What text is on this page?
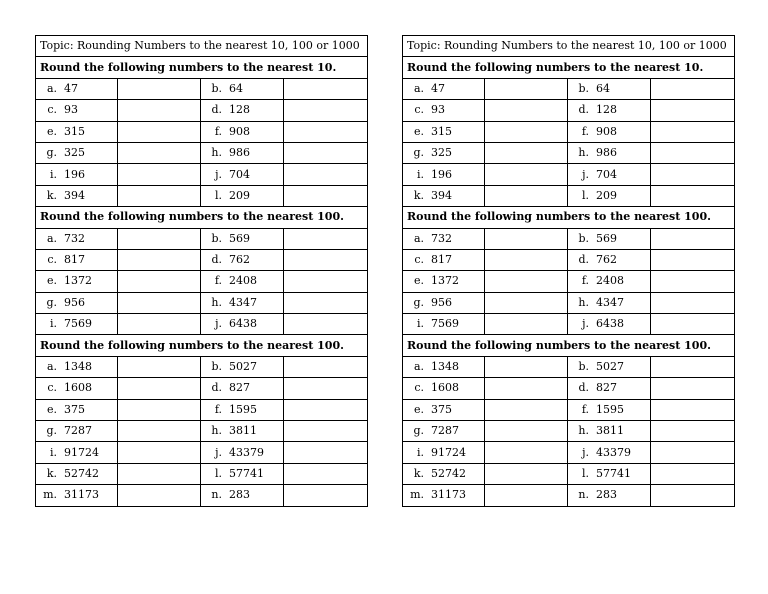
Topic: Rounding Numbers to the nearest 10, 100 or 1000			
Round the following numbers to the nearest 10.			
a. 47		b. 64	
c. 93		d. 128	
e. 315		f. 908	
g. 325		h. 986	
i. 196		j. 704	
k. 394		l. 209	
Round the following numbers to the nearest 100.			
a. 732		b. 569	
c. 817		d. 762	
e. 1372		f. 2408	
g. 956		h. 4347	
i. 7569		j. 6438	
Round the following numbers to the nearest 100.			
a. 1348		b. 5027	
c. 1608		d. 827	
e. 375		f. 1595	
g. 7287		h. 3811	
i. 91724		j. 43379	
k. 52742		l. 57741	
m. 31173		n. 283	
Topic: Rounding Numbers to the nearest 10, 100 or 1000			
Round the following numbers to the nearest 10.			
a. 47		b. 64	
c. 93		d. 128	
e. 315		f. 908	
g. 325		h. 986	
i. 196		j. 704	
k. 394		l. 209	
Round the following numbers to the nearest 100.			
a. 732		b. 569	
c. 817		d. 762	
e. 1372		f. 2408	
g. 956		h. 4347	
i. 7569		j. 6438	
Round the following numbers to the nearest 100.			
a. 1348		b. 5027	
c. 1608		d. 827	
e. 375		f. 1595	
g. 7287		h. 3811	
i. 91724		j. 43379	
k. 52742		l. 57741	
m. 31173		n. 283	
